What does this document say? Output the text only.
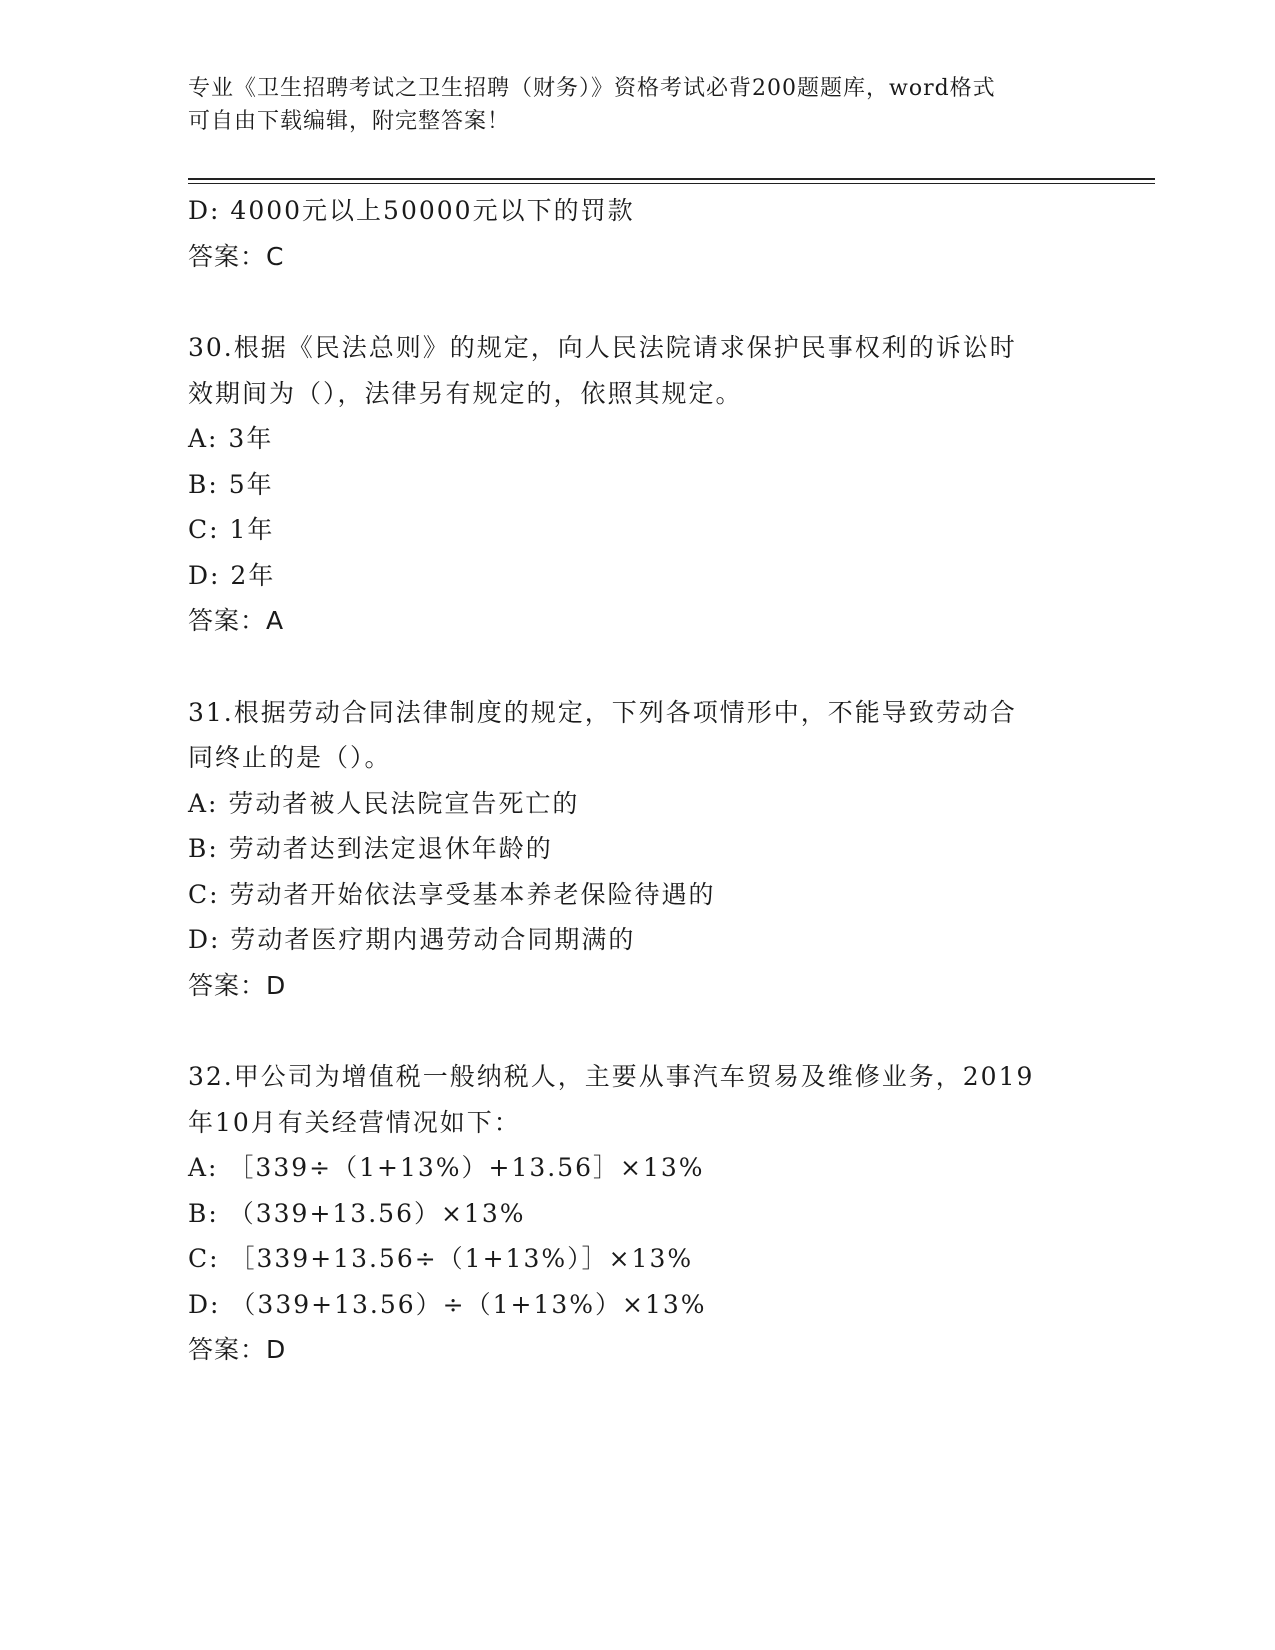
专业《卫生招聘考试之卫生招聘（财务）》资格考试必背200题题库，word格式
可自由下载编辑，附完整答案！
D: 4000元以上50000元以下的罚款
答案：C
30.根据《民法总则》的规定，向人民法院请求保护民事权利的诉讼时
效期间为（），法律另有规定的，依照其规定。
A: 3年
B: 5年
C: 1年
D: 2年
答案：A
31.根据劳动合同法律制度的规定，下列各项情形中，不能导致劳动合
同终止的是（）。
A: 劳动者被人民法院宣告死亡的
B: 劳动者达到法定退休年龄的
C: 劳动者开始依法享受基本养老保险待遇的
D: 劳动者医疗期内遇劳动合同期满的
答案：D
32.甲公司为增值税一般纳税人，主要从事汽车贸易及维修业务，2019
年10月有关经营情况如下：
A: ［339÷（1+13%）+13.56］×13%
B: （339+13.56）×13%
C: ［339+13.56÷（1+13%）］×13%
D: （339+13.56）÷（1+13%）×13%
答案：D
